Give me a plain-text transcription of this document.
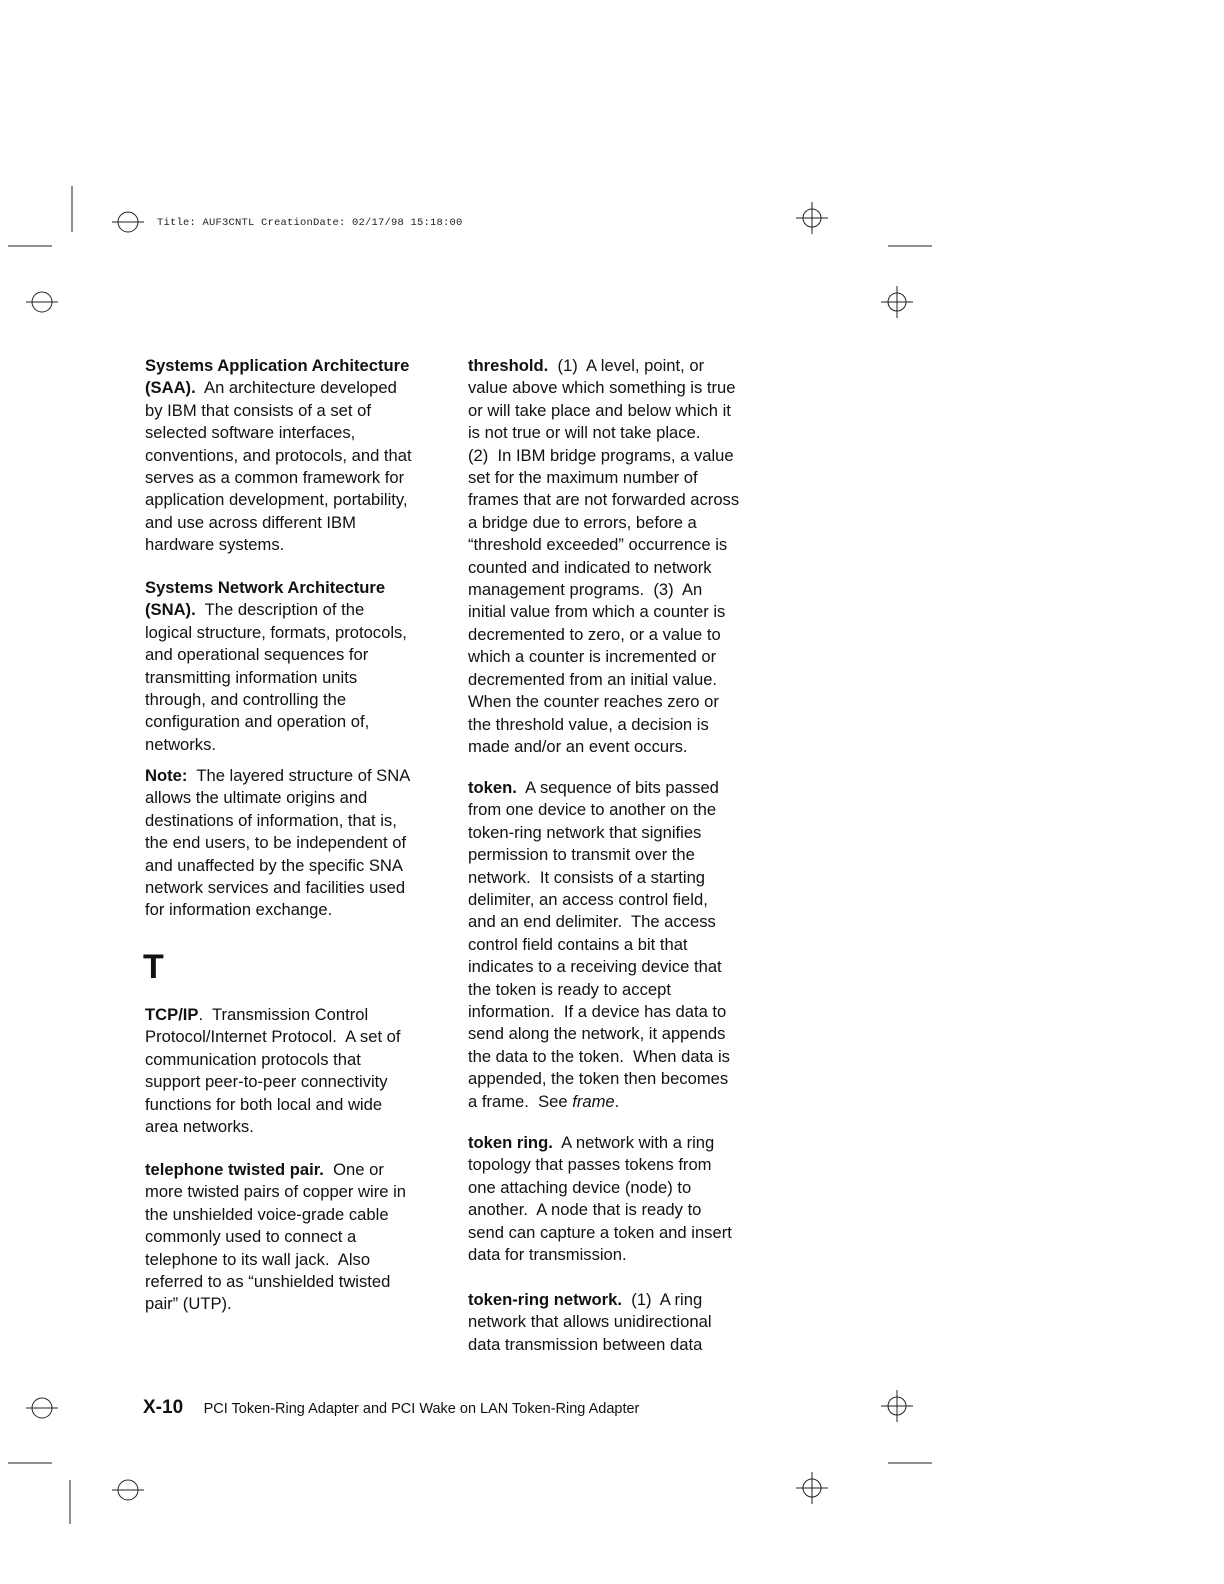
Title: AUF3CNTL CreationDate: 02/17/98 15:18:00
Systems Application Architecture
(SAA).  An architecture developed
by IBM that consists of a set of
selected software interfaces,
conventions, and protocols, and that
serves as a common framework for
application development, portability,
and use across different IBM
hardware systems.
Systems Network Architecture
(SNA).  The description of the
logical structure, formats, protocols,
and operational sequences for
transmitting information units
through, and controlling the
configuration and operation of,
networks.
Note:  The layered structure of SNA
allows the ultimate origins and
destinations of information, that is,
the end users, to be independent of
and unaffected by the specific SNA
network services and facilities used
for information exchange.
TCP/IP.  Transmission Control
Protocol/Internet Protocol.  A set of
communication protocols that
support peer-to-peer connectivity
functions for both local and wide
area networks.
telephone twisted pair.  One or
more twisted pairs of copper wire in
the unshielded voice-grade cable
commonly used to connect a
telephone to its wall jack.  Also
referred to as “unshielded twisted
pair” (UTP).
threshold.  (1)  A level, point, or
value above which something is true
or will take place and below which it
is not true or will not take place.
(2)  In IBM bridge programs, a value
set for the maximum number of
frames that are not forwarded across
a bridge due to errors, before a
“threshold exceeded” occurrence is
counted and indicated to network
management programs.  (3)  An
initial value from which a counter is
decremented to zero, or a value to
which a counter is incremented or
decremented from an initial value.
When the counter reaches zero or
the threshold value, a decision is
made and/or an event occurs.
token.  A sequence of bits passed
from one device to another on the
token-ring network that signifies
permission to transmit over the
network.  It consists of a starting
delimiter, an access control field,
and an end delimiter.  The access
control field contains a bit that
indicates to a receiving device that
the token is ready to accept
information.  If a device has data to
send along the network, it appends
the data to the token.  When data is
appended, the token then becomes
a frame.  See frame.
token ring.  A network with a ring
topology that passes tokens from
one attaching device (node) to
another.  A node that is ready to
send can capture a token and insert
data for transmission.
token-ring network.  (1)  A ring
network that allows unidirectional
data transmission between data
T
X-10 PCI Token-Ring Adapter and PCI Wake on LAN Token-Ring Adapter
